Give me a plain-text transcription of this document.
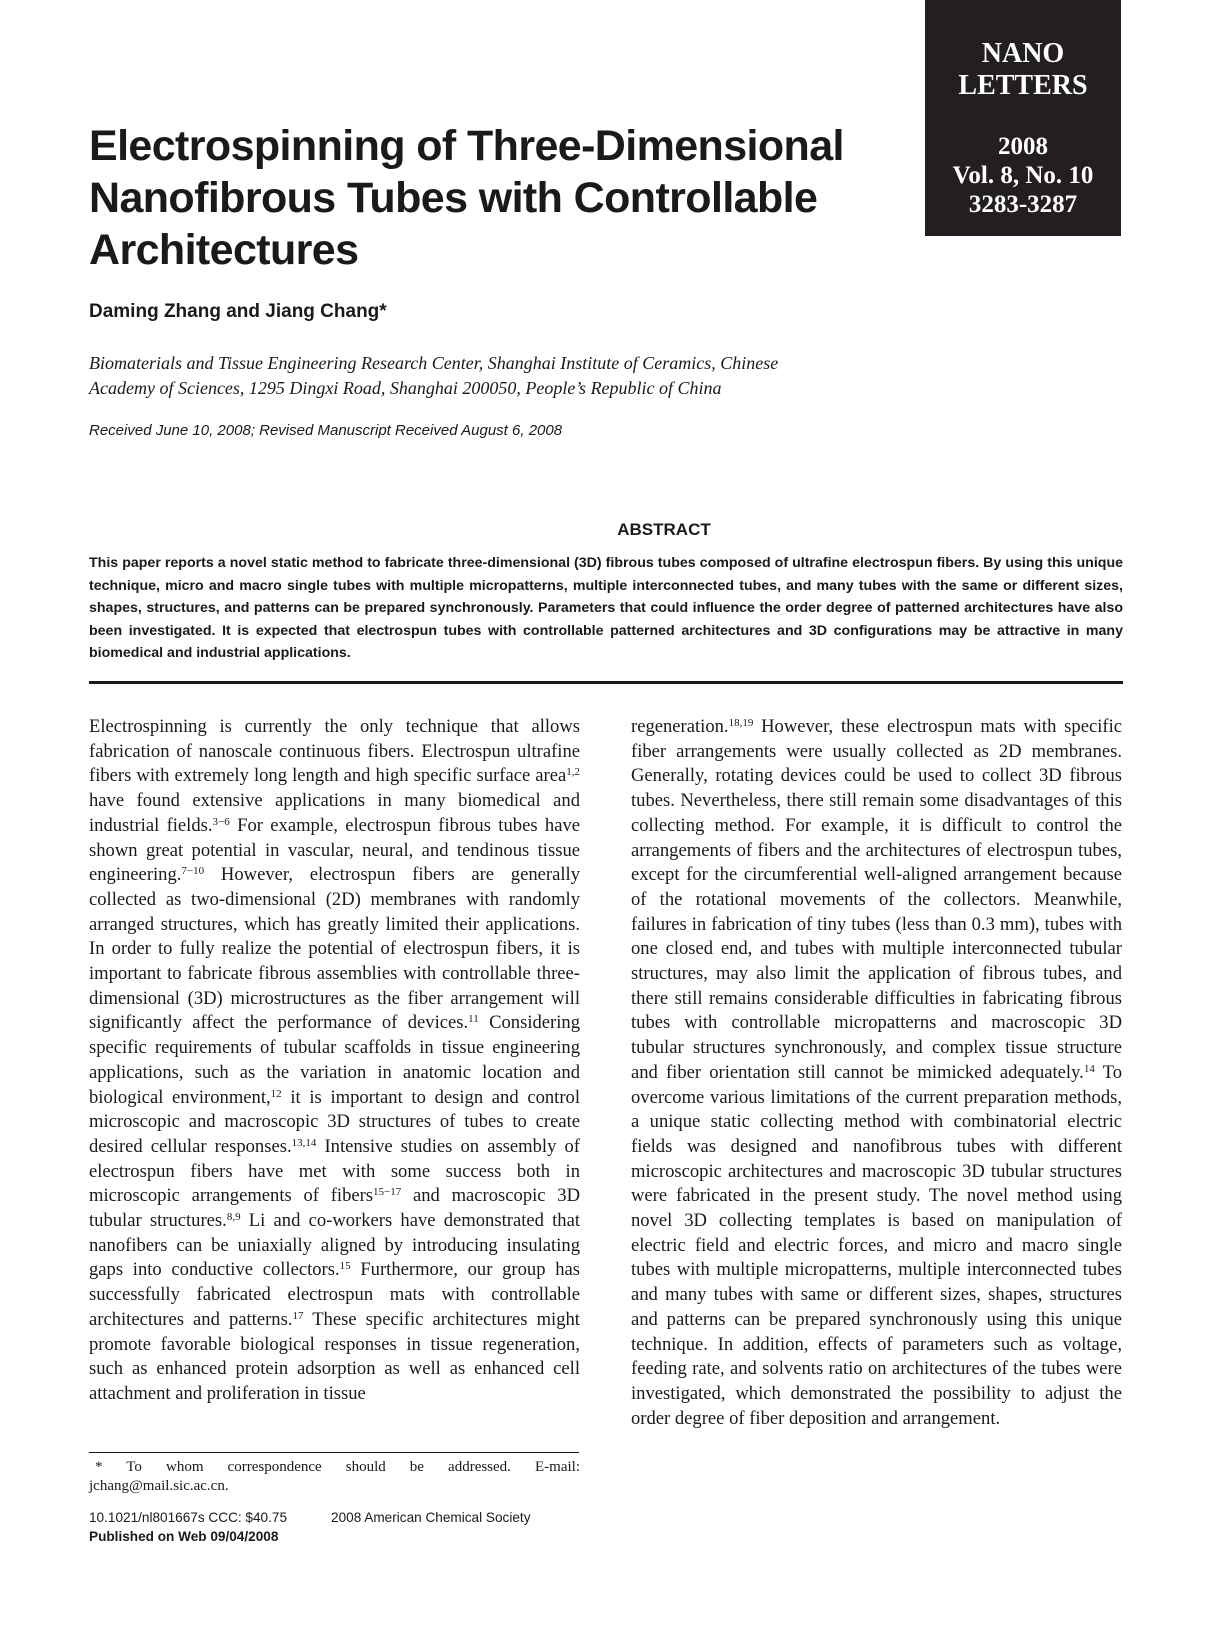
NANO LETTERS
2008
Vol. 8, No. 10
3283-3287
Electrospinning of Three-Dimensional
Nanofibrous Tubes with Controllable
Architectures
Daming Zhang and Jiang Chang*
Biomaterials and Tissue Engineering Research Center, Shanghai Institute of Ceramics, Chinese
Academy of Sciences, 1295 Dingxi Road, Shanghai 200050, People’s Republic of China
Received June 10, 2008; Revised Manuscript Received August 6, 2008
ABSTRACT

This paper reports a novel static method to fabricate three-dimensional (3D) fibrous tubes composed of ultrafine electrospun fibers. By using this unique technique, micro and macro single tubes with multiple micropatterns, multiple interconnected tubes, and many tubes with the same or different sizes, shapes, structures, and patterns can be prepared synchronously. Parameters that could influence the order degree of patterned architectures have also been investigated. It is expected that electrospun tubes with controllable patterned architectures and 3D configurations may be attractive in many biomedical and industrial applications.

Electrospinning is currently the only technique that allows fabrication of nanoscale continuous fibers. Electrospun ultrafine fibers with extremely long length and high specific surface area$^{1,2}$ have found extensive applications in many biomedical and industrial fields.$^{3-6}$ For example, electrospun fibrous tubes have shown great potential in vascular, neural, and tendinous tissue engineering.$^{7-10}$ However, electrospun fibers are generally collected as two-dimensional (2D) membranes with randomly arranged structures, which has greatly limited their applications. In order to fully realize the potential of electrospun fibers, it is important to fabricate fibrous assemblies with controllable three-dimensional (3D) microstructures as the fiber arrangement will significantly affect the performance of devices.$^{11}$ Considering specific requirements of tubular scaffolds in tissue engineering applications, such as the variation in anatomic location and biological environment,$^{12}$ it is important to design and control microscopic and macroscopic 3D structures of tubes to create desired cellular responses.$^{13,14}$ Intensive studies on assembly of electrospun fibers have met with some success both in microscopic arrangements of fibers$^{15-17}$ and macroscopic 3D tubular structures.$^{8,9}$ Li and co-workers have demonstrated that nanofibers can be uniaxially aligned by introducing insulating gaps into conductive collectors.$^{15}$ Furthermore, our group has successfully fabricated electrospun mats with controllable architectures and patterns.$^{17}$ These specific architectures might promote favorable biological responses in tissue regeneration, such as enhanced protein adsorption as well as enhanced cell attachment and proliferation in tissue
regeneration.$^{18,19}$ However, these electrospun mats with specific fiber arrangements were usually collected as 2D membranes. Generally, rotating devices could be used to collect 3D fibrous tubes. Nevertheless, there still remain some disadvantages of this collecting method. For example, it is difficult to control the arrangements of fibers and the architectures of electrospun tubes, except for the circumferential well-aligned arrangement because of the rotational movements of the collectors. Meanwhile, failures in fabrication of tiny tubes (less than 0.3 mm), tubes with one closed end, and tubes with multiple interconnected tubular structures, may also limit the application of fibrous tubes, and there still remains considerable difficulties in fabricating fibrous tubes with controllable micropatterns and macroscopic 3D tubular structures synchronously, and complex tissue structure and fiber orientation still cannot be mimicked adequately.$^{14}$ To overcome various limitations of the current preparation methods, a unique static collecting method with combinatorial electric fields was designed and nanofibrous tubes with different microscopic architectures and macroscopic 3D tubular structures were fabricated in the present study. The novel method using novel 3D collecting templates is based on manipulation of electric field and electric forces, and micro and macro single tubes with multiple micropatterns, multiple interconnected tubes and many tubes with same or different sizes, shapes, structures and patterns can be prepared synchronously using this unique technique. In addition, effects of parameters such as voltage, feeding rate, and solvents ratio on architectures of the tubes were investigated, which demonstrated the possibility to adjust the order degree of fiber deposition and arrangement.
* To whom correspondence should be addressed. E-mail: jchang@mail.sic.ac.cn.
10.1021/nl801667s CCC: $40.75	2008 American Chemical Society
Published on Web 09/04/2008
